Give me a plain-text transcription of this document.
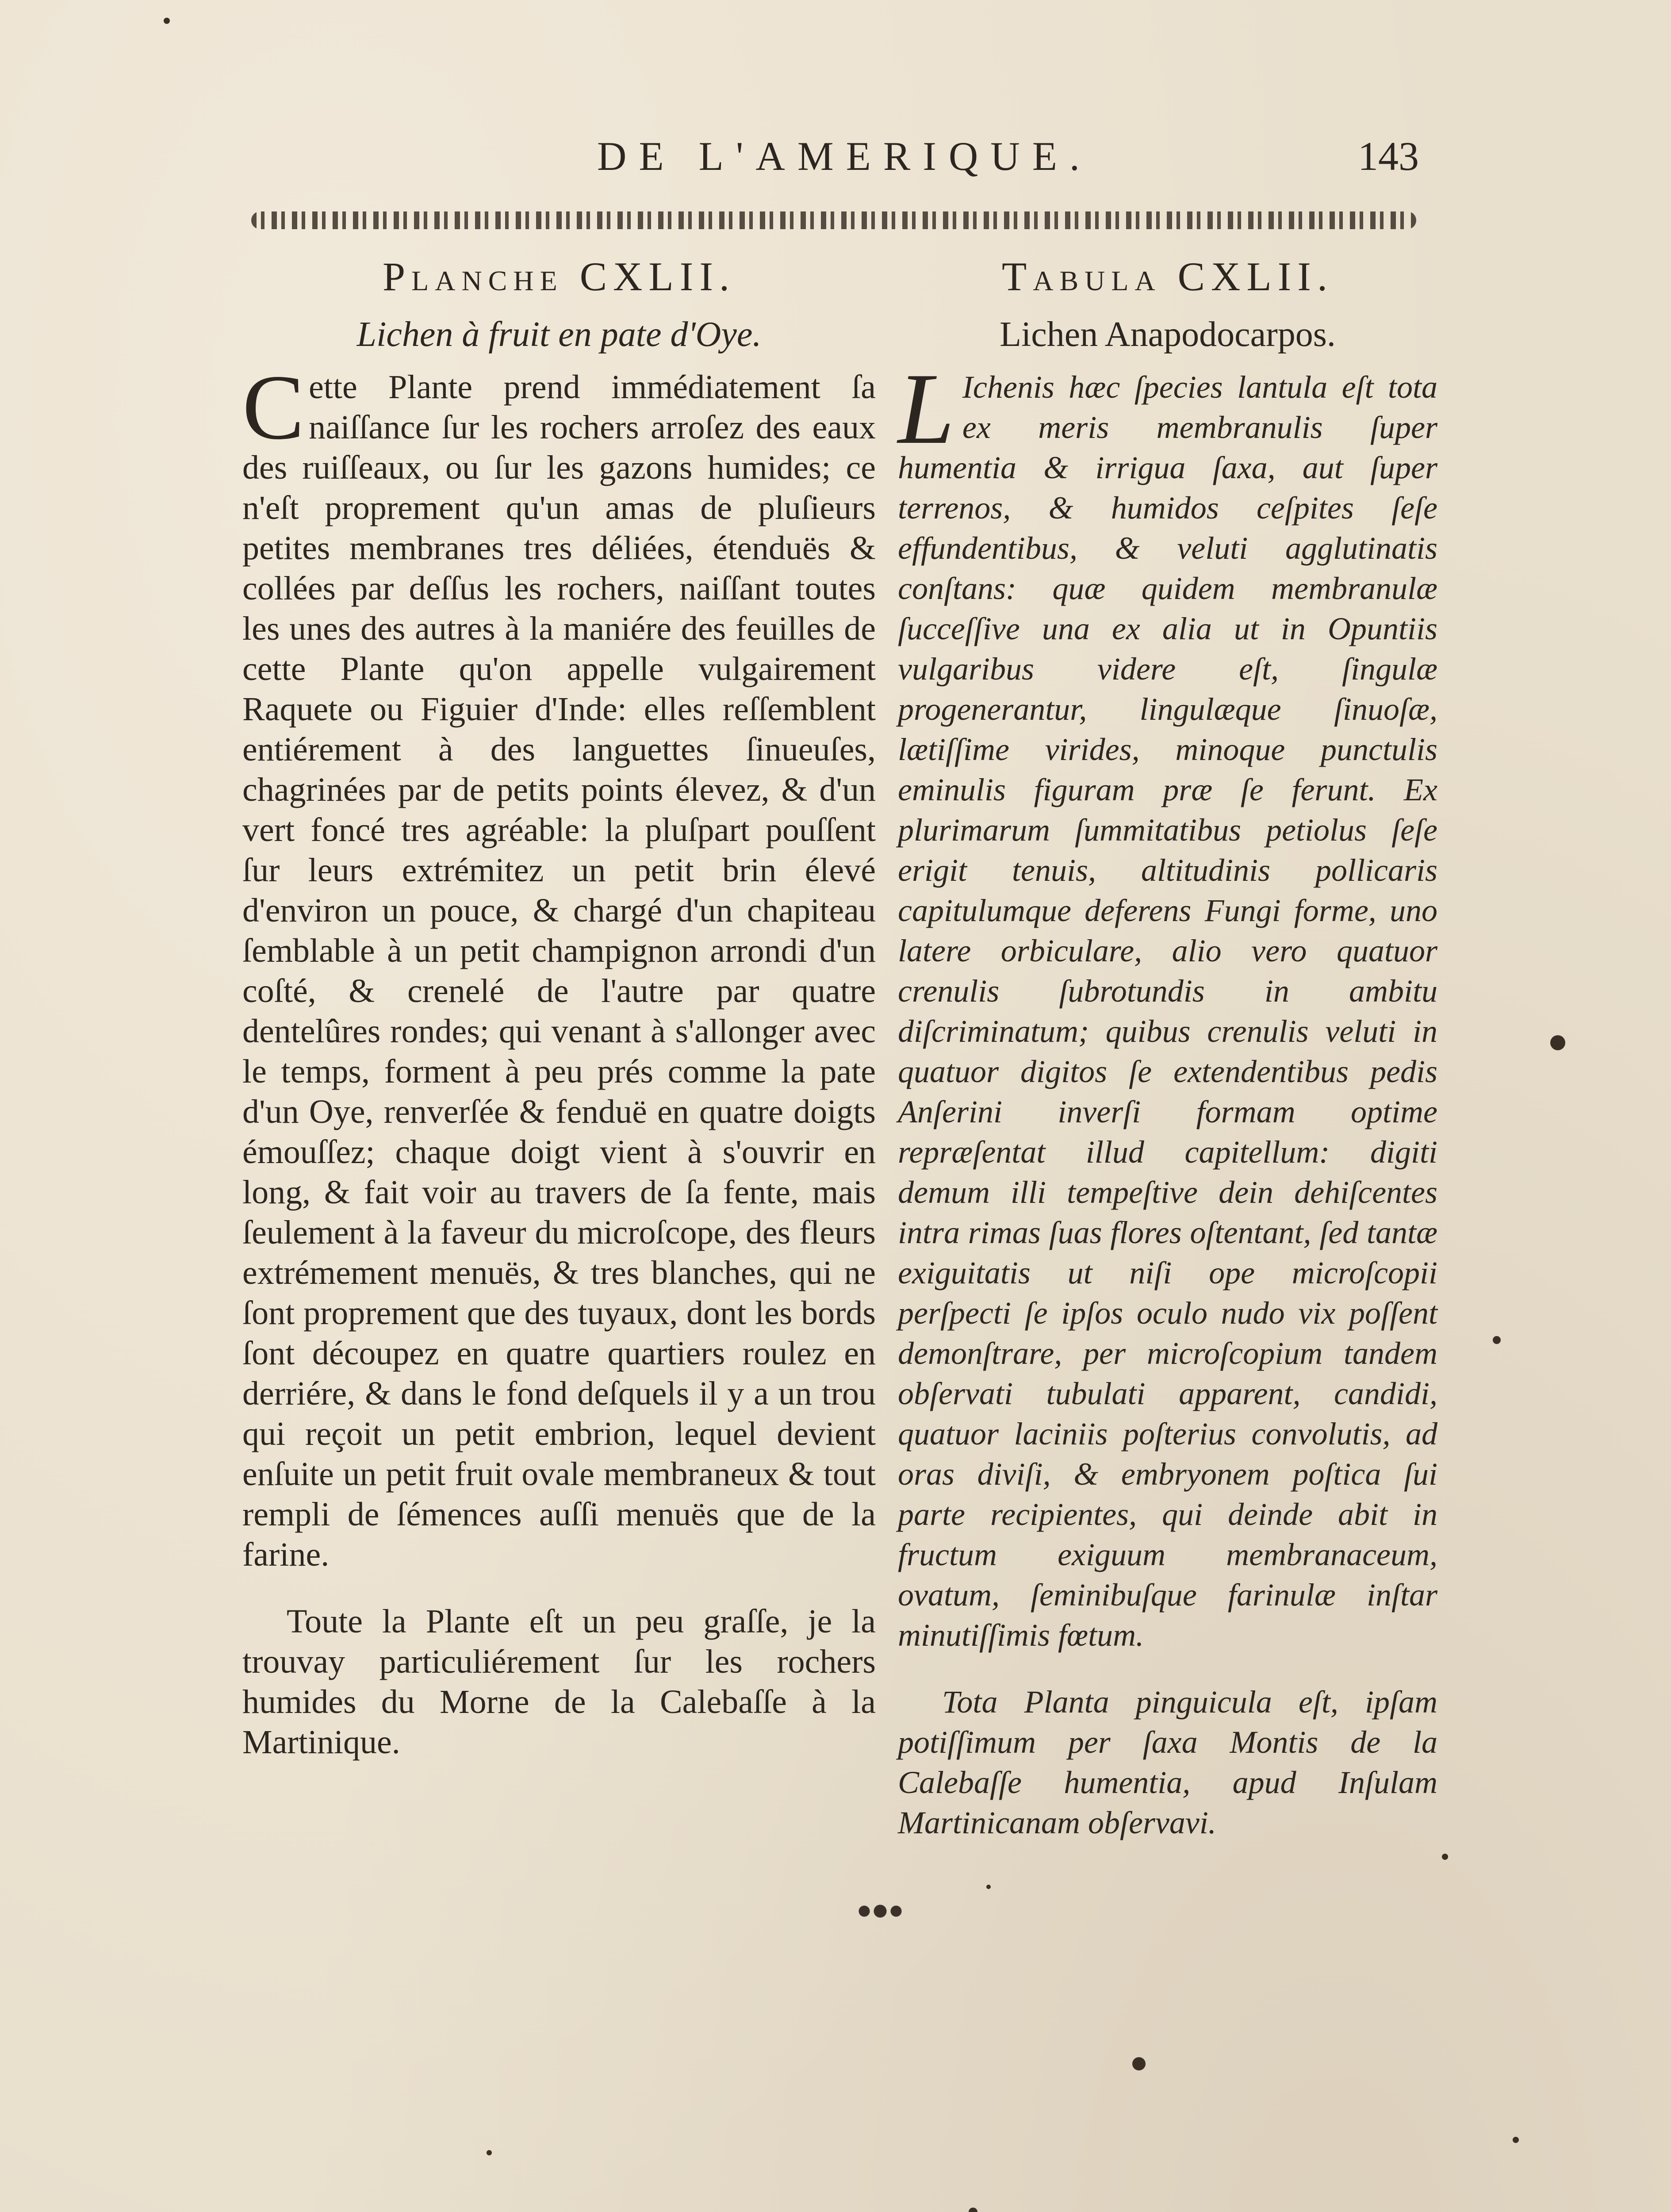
DE L'AMERIQUE.	143
Planche CXLII.
Lichen à fruit en pate d'Oye.
C ette Plante prend immédiatement ſa naiſſance ſur les rochers arroſez des eaux des ruiſſeaux, ou ſur les gazons humides; ce n'eſt proprement qu'un amas de pluſieurs petites membranes tres déliées, étenduës & collées par deſſus les rochers, naiſſant toutes les unes des autres à la maniére des feuilles de cette Plante qu'on appelle vulgairement Raquete ou Figuier d'Inde: elles reſſemblent entiérement à des languettes ſinueuſes, chagrinées par de petits points élevez, & d'un vert foncé tres agréable: la pluſpart pouſſent ſur leurs extrémitez un petit brin élevé d'environ un pouce, & chargé d'un chapiteau ſemblable à un petit champignon arrondi d'un coſté, & crenelé de l'autre par quatre dentelûres rondes; qui venant à s'allonger avec le temps, forment à peu prés comme la pate d'un Oye, renverſée & fenduë en quatre doigts émouſſez; chaque doigt vient à s'ouvrir en long, & fait voir au travers de ſa fente, mais ſeulement à la faveur du microſcope, des fleurs extrémement menuës, & tres blanches, qui ne ſont proprement que des tuyaux, dont les bords ſont découpez en quatre quartiers roulez en derriére, & dans le fond deſquels il y a un trou qui reçoit un petit embrion, lequel devient enſuite un petit fruit ovale membraneux & tout rempli de ſémences auſſi menuës que de la farine.

Toute la Plante eſt un peu graſſe, je la trouvay particuliérement ſur les rochers humides du Morne de la Calebaſſe à la Martinique.

Tabula CXLII.
Lichen Anapodocarpos.
L Ichenis hæc ſpecies lantula eſt tota ex meris membranulis ſuper humentia & irrigua ſaxa, aut ſuper terrenos, & humidos ceſpites ſeſe effundentibus, & veluti agglutinatis conſtans: quæ quidem membranulæ ſucceſſive una ex alia ut in Opuntiis vulgaribus videre eſt, ſingulæ progenerantur, lingulæque ſinuoſæ, lætiſſime virides, minoque punctulis eminulis figuram præ ſe ferunt. Ex plurimarum ſummitatibus petiolus ſeſe erigit tenuis, altitudinis pollicaris capitulumque deferens Fungi forme, uno latere orbiculare, alio vero quatuor crenulis ſubrotundis in ambitu diſcriminatum; quibus crenulis veluti in quatuor digitos ſe extendentibus pedis Anſerini inverſi formam optime repræſentat illud capitellum: digiti demum illi tempeſtive dein dehiſcentes intra rimas ſuas flores oſtentant, ſed tantæ exiguitatis ut niſi ope microſcopii perſpecti ſe ipſos oculo nudo vix poſſent demonſtrare, per microſcopium tandem obſervati tubulati apparent, candidi, quatuor laciniis poſterius convolutis, ad oras diviſi, & embryonem poſtica ſui parte recipientes, qui deinde abit in fructum exiguum membranaceum, ovatum, ſeminibuſque farinulæ inſtar minutiſſimis fœtum.

Tota Planta pinguicula eſt, ipſam potiſſimum per ſaxa Montis de la Calebaſſe humentia, apud Inſulam Martinicanam obſervavi.
